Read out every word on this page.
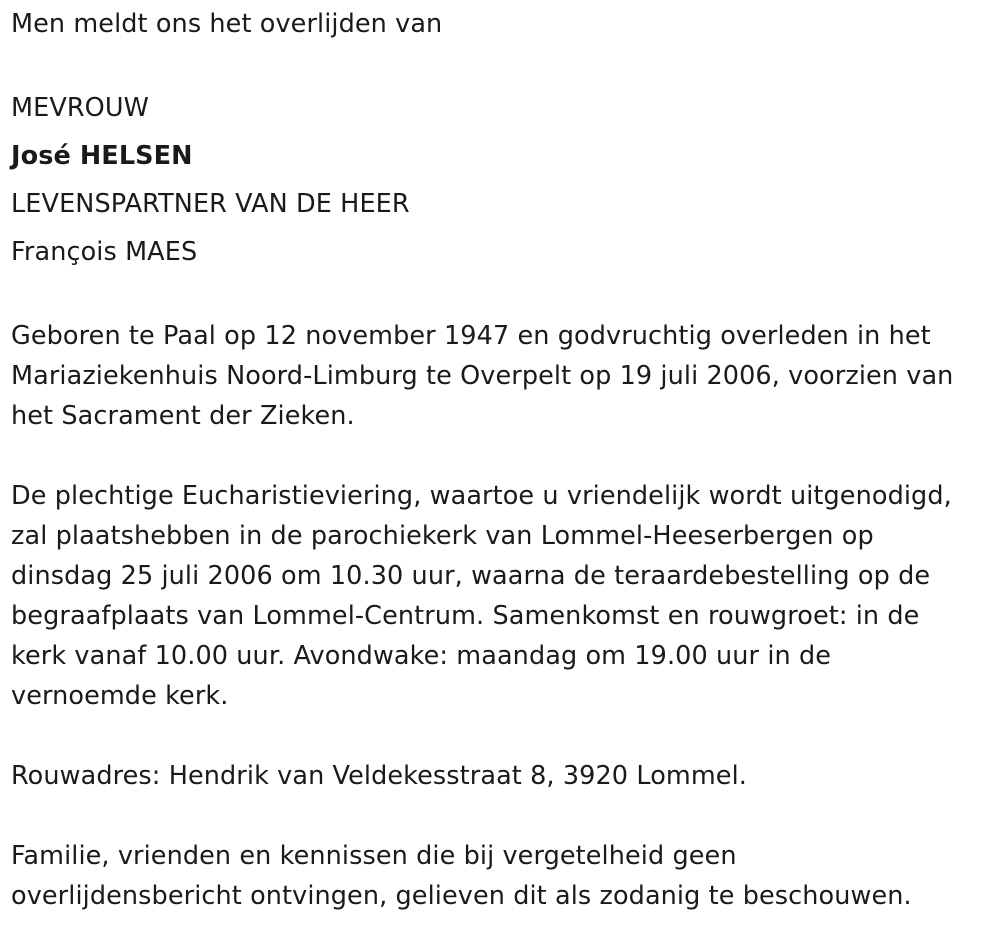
Men meldt ons het overlijden van

MEVROUW
José HELSEN
LEVENSPARTNER VAN DE HEER
François MAES

Geboren te Paal op 12 november 1947 en godvruchtig overleden in het
Mariaziekenhuis Noord-Limburg te Overpelt op 19 juli 2006, voorzien van
het Sacrament der Zieken.

De plechtige Eucharistieviering, waartoe u vriendelijk wordt uitgenodigd,
zal plaatshebben in de parochiekerk van Lommel-Heeserbergen op
dinsdag 25 juli 2006 om 10.30 uur, waarna de teraardebestelling op de
begraafplaats van Lommel-Centrum. Samenkomst en rouwgroet: in de
kerk vanaf 10.00 uur. Avondwake: maandag om 19.00 uur in de
vernoemde kerk.

Rouwadres: Hendrik van Veldekesstraat 8, 3920 Lommel.

Familie, vrienden en kennissen die bij vergetelheid geen
overlijdensbericht ontvingen, gelieven dit als zodanig te beschouwen.
